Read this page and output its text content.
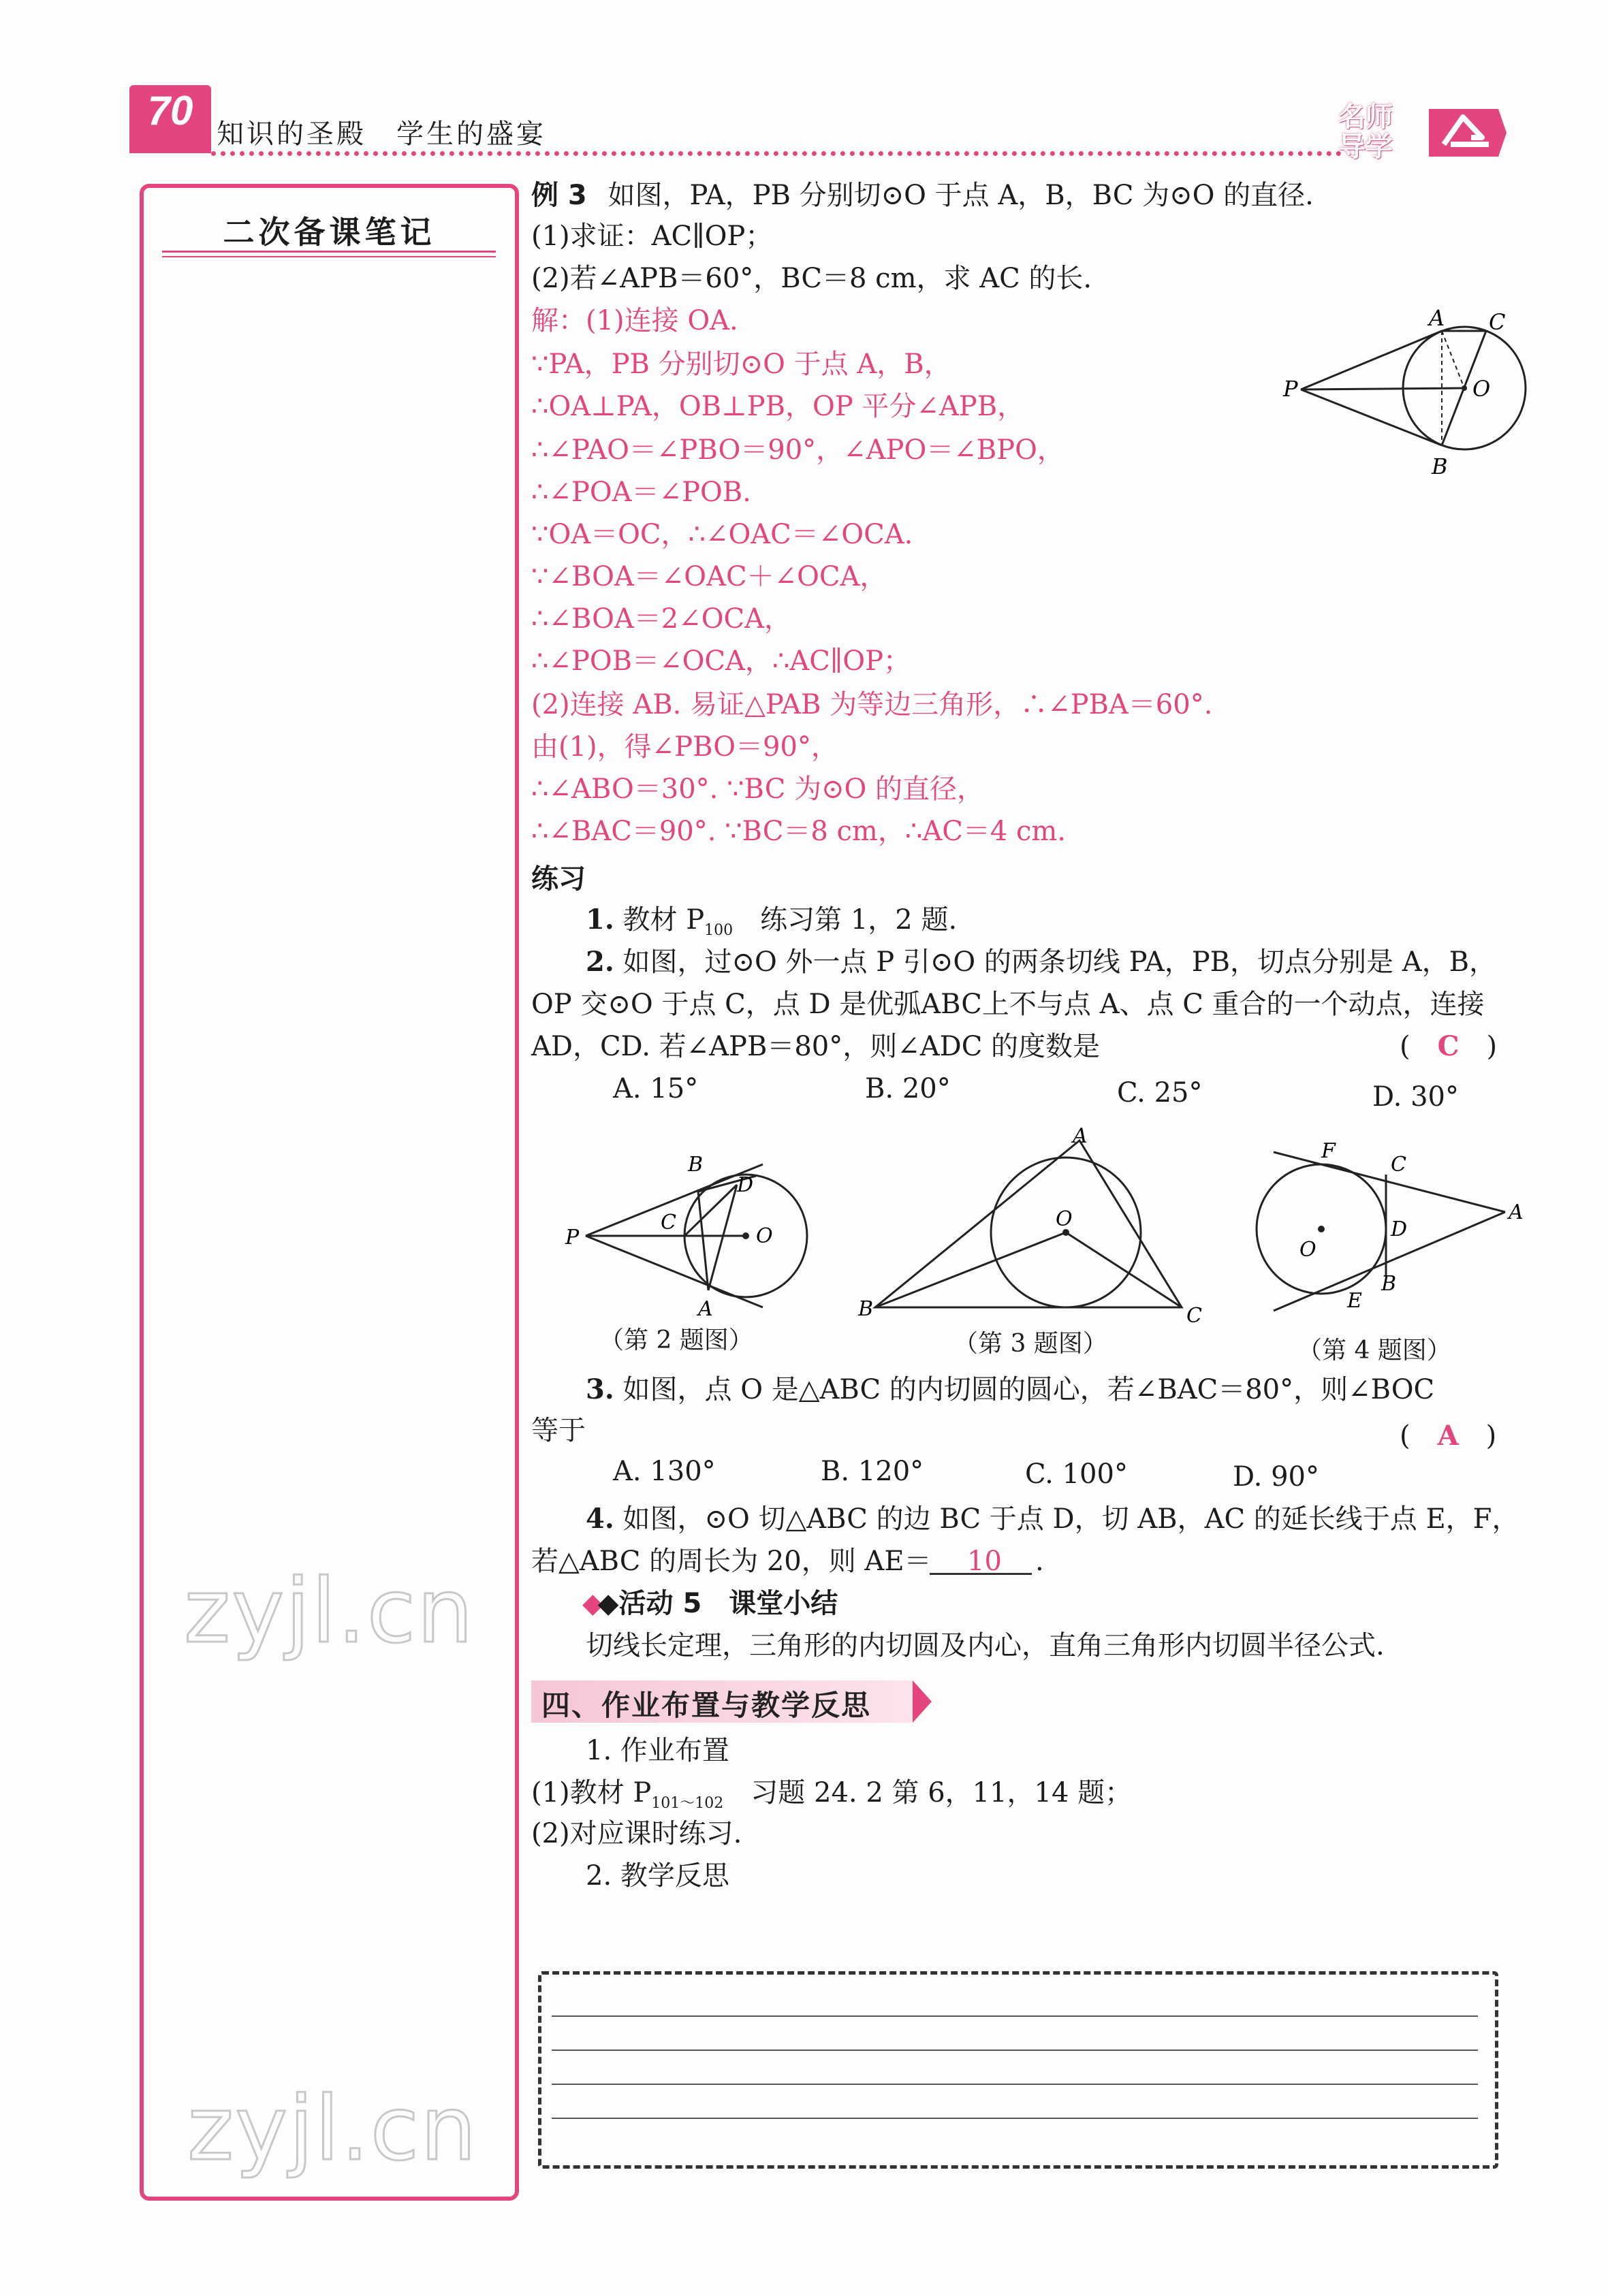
70
知识的圣殿　学生的盛宴
名师导学
二次备课笔记
zyjl.cn
zyjl.cn
例 3 如图，PA，PB 分别切⊙O 于点 A，B，BC 为⊙O 的直径.
(1)求证：AC∥OP；
(2)若∠APB＝60°，BC＝8 cm，求 AC 的长.
解：(1)连接 OA.
∵PA，PB 分别切⊙O 于点 A，B，
∴OA⊥PA，OB⊥PB，OP 平分∠APB，
∴∠PAO＝∠PBO＝90°，∠APO＝∠BPO，
∴∠POA＝∠POB.
∵OA＝OC，∴∠OAC＝∠OCA.
∵∠BOA＝∠OAC＋∠OCA，
∴∠BOA＝2∠OCA，
∴∠POB＝∠OCA，∴AC∥OP；
(2)连接 AB. 易证△PAB 为等边三角形，∴∠PBA＝60°.
由(1)，得∠PBO＝90°，
∴∠ABO＝30°. ∵BC 为⊙O 的直径，
∴∠BAC＝90°. ∵BC＝8 cm，∴AC＝4 cm.
P
A C
O
B
练习
1. 教材 $P_{100}$　练习第 1，2 题.
2. 如图，过⊙O 外一点 P 引⊙O 的两条切线 PA，PB，切点分别是 A，B，
OP 交⊙O 于点 C，点 D 是优弧ABC上不与点 A、点 C 重合的一个动点，连接
AD，CD. 若∠APB＝80°，则∠ADC 的度数是	(　C　)
A. 15°	B. 20°	C. 25°	D. 30°
P
B
D
C
O
A
（第 2 题图）
A
O
B	C
（第 3 题图）
F
C
A
D
O
B
E
（第 4 题图）
3. 如图，点 O 是△ABC 的内切圆的圆心，若∠BAC＝80°，则∠BOC
等于	(　A　)
A. 130°	B. 120°	C. 100°	D. 90°
4. 如图，⊙O 切△ABC 的边 BC 于点 D，切 AB，AC 的延长线于点 E，F，
若△ABC 的周长为 20，则 AE＝ 10 .
◆◆活动 5　课堂小结
切线长定理，三角形的内切圆及内心，直角三角形内切圆半径公式.
四、作业布置与教学反思
1. 作业布置
(1)教材 $P_{101\sim 102}$　习题 24. 2 第 6，11，14 题；
(2)对应课时练习.
2. 教学反思
